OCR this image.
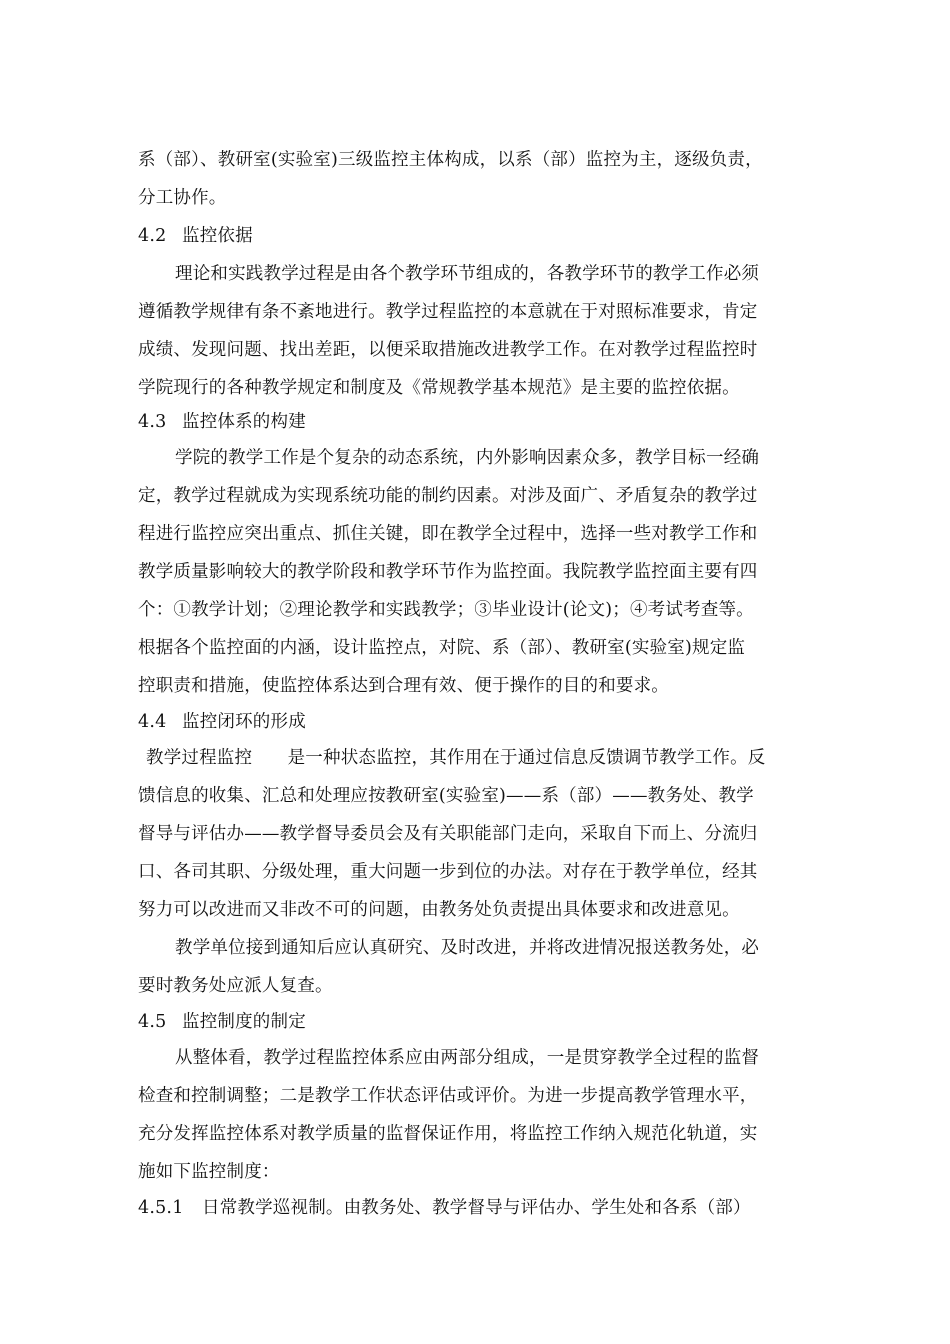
系（部）、教研室(实验室)三级监控主体构成，以系（部）监控为主，逐级负责，
分工协作。
4.2 监控依据
理论和实践教学过程是由各个教学环节组成的，各教学环节的教学工作必须
遵循教学规律有条不紊地进行。教学过程监控的本意就在于对照标准要求，肯定
成绩、发现问题、找出差距，以便采取措施改进教学工作。在对教学过程监控时
学院现行的各种教学规定和制度及《常规教学基本规范》是主要的监控依据。
4.3 监控体系的构建
学院的教学工作是个复杂的动态系统，内外影响因素众多，教学目标一经确
定，教学过程就成为实现系统功能的制约因素。对涉及面广、矛盾复杂的教学过
程进行监控应突出重点、抓住关键，即在教学全过程中，选择一些对教学工作和
教学质量影响较大的教学阶段和教学环节作为监控面。我院教学监控面主要有四
个：①教学计划；②理论教学和实践教学；③毕业设计(论文)；④考试考查等。
根据各个监控面的内涵，设计监控点，对院、系（部）、教研室(实验室)规定监
控职责和措施，使监控体系达到合理有效、便于操作的目的和要求。
4.4 监控闭环的形成
教学过程监控　　是一种状态监控，其作用在于通过信息反馈调节教学工作。反
馈信息的收集、汇总和处理应按教研室(实验室)——系（部）——教务处、教学
督导与评估办——教学督导委员会及有关职能部门走向，采取自下而上、分流归
口、各司其职、分级处理，重大问题一步到位的办法。对存在于教学单位，经其
努力可以改进而又非改不可的问题，由教务处负责提出具体要求和改进意见。
教学单位接到通知后应认真研究、及时改进，并将改进情况报送教务处，必
要时教务处应派人复查。
4.5 监控制度的制定
从整体看，教学过程监控体系应由两部分组成，一是贯穿教学全过程的监督
检查和控制调整；二是教学工作状态评估或评价。为进一步提高教学管理水平，
充分发挥监控体系对教学质量的监督保证作用，将监控工作纳入规范化轨道，实
施如下监控制度：
4.5.1 日常教学巡视制。由教务处、教学督导与评估办、学生处和各系（部）
